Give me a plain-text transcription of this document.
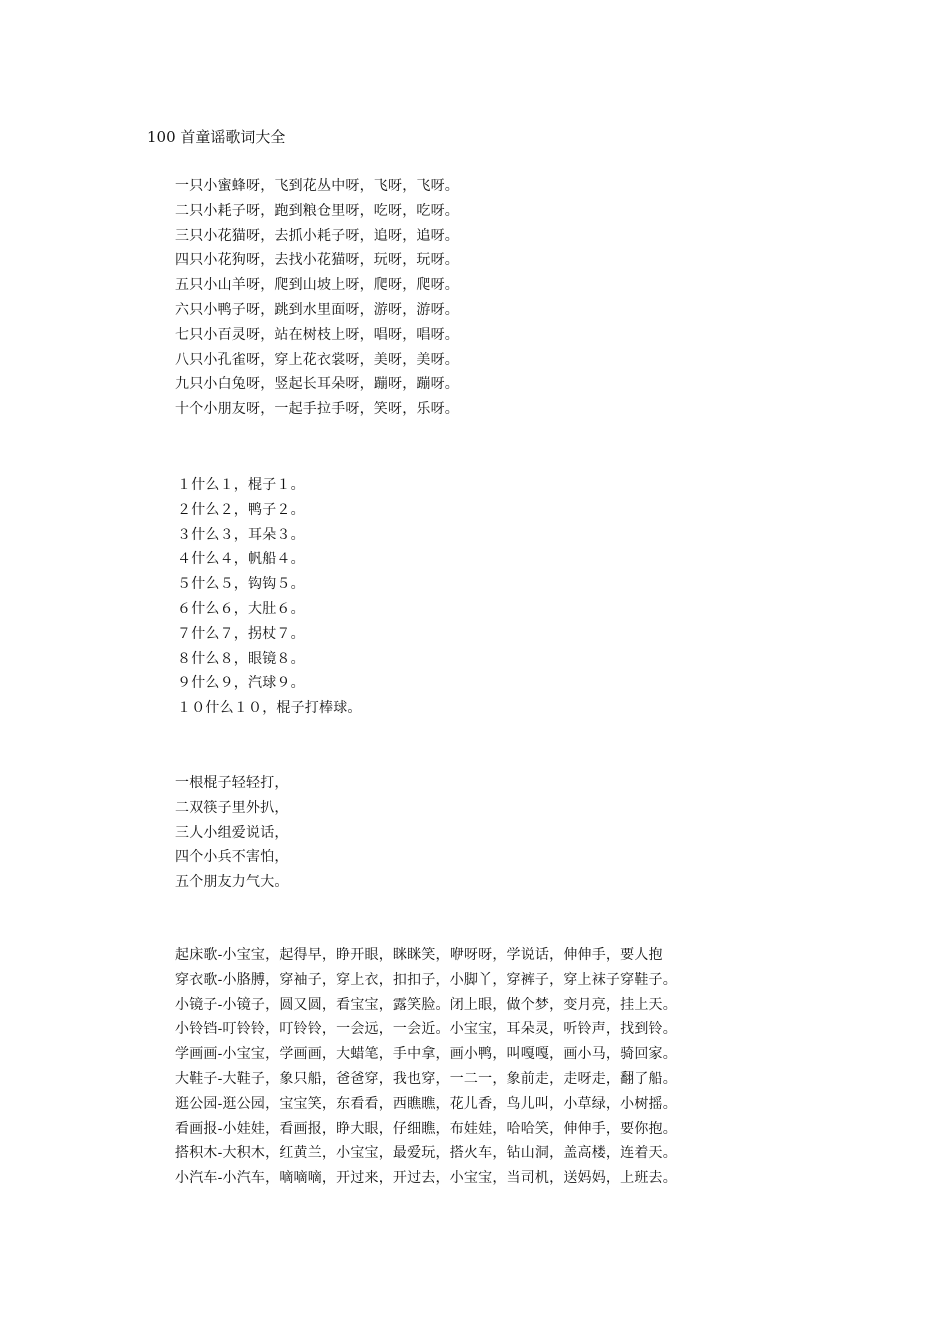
100 首童谣歌词大全
一只小蜜蜂呀，飞到花丛中呀，飞呀，飞呀。
二只小耗子呀，跑到粮仓里呀，吃呀，吃呀。
三只小花猫呀，去抓小耗子呀，追呀，追呀。
四只小花狗呀，去找小花猫呀，玩呀，玩呀。
五只小山羊呀，爬到山坡上呀，爬呀，爬呀。
六只小鸭子呀，跳到水里面呀，游呀，游呀。
七只小百灵呀，站在树枝上呀，唱呀，唱呀。
八只小孔雀呀，穿上花衣裳呀，美呀，美呀。
九只小白兔呀，竖起长耳朵呀，蹦呀，蹦呀。
十个小朋友呀，一起手拉手呀，笑呀，乐呀。
１什么１，棍子１。
２什么２，鸭子２。
３什么３，耳朵３。
４什么４，帆船４。
５什么５，钩钩５。
６什么６，大肚６。
７什么７，拐杖７。
８什么８，眼镜８。
９什么９，汽球９。
１０什么１０，棍子打棒球。
一根棍子轻轻打，
二双筷子里外扒，
三人小组爱说话，
四个小兵不害怕，
五个朋友力气大。
起床歌-小宝宝，起得早，睁开眼，眯眯笑，咿呀呀，学说话，伸伸手，要人抱
穿衣歌-小胳膊，穿袖子，穿上衣，扣扣子，小脚丫，穿裤子，穿上袜子穿鞋子。
小镜子-小镜子，圆又圆，看宝宝，露笑脸。闭上眼，做个梦，变月亮，挂上天。
小铃铛-叮铃铃，叮铃铃，一会远，一会近。小宝宝，耳朵灵，听铃声，找到铃。
学画画-小宝宝，学画画，大蜡笔，手中拿，画小鸭，叫嘎嘎，画小马，骑回家。
大鞋子-大鞋子，象只船，爸爸穿，我也穿，一二一，象前走，走呀走，翻了船。
逛公园-逛公园，宝宝笑，东看看，西瞧瞧，花儿香，鸟儿叫，小草绿，小树摇。
看画报-小娃娃，看画报，睁大眼，仔细瞧，布娃娃，哈哈笑，伸伸手，要你抱。
搭积木-大积木，红黄兰，小宝宝，最爱玩，搭火车，钻山洞，盖高楼，连着天。
小汽车-小汽车，嘀嘀嘀，开过来，开过去，小宝宝，当司机，送妈妈，上班去。
